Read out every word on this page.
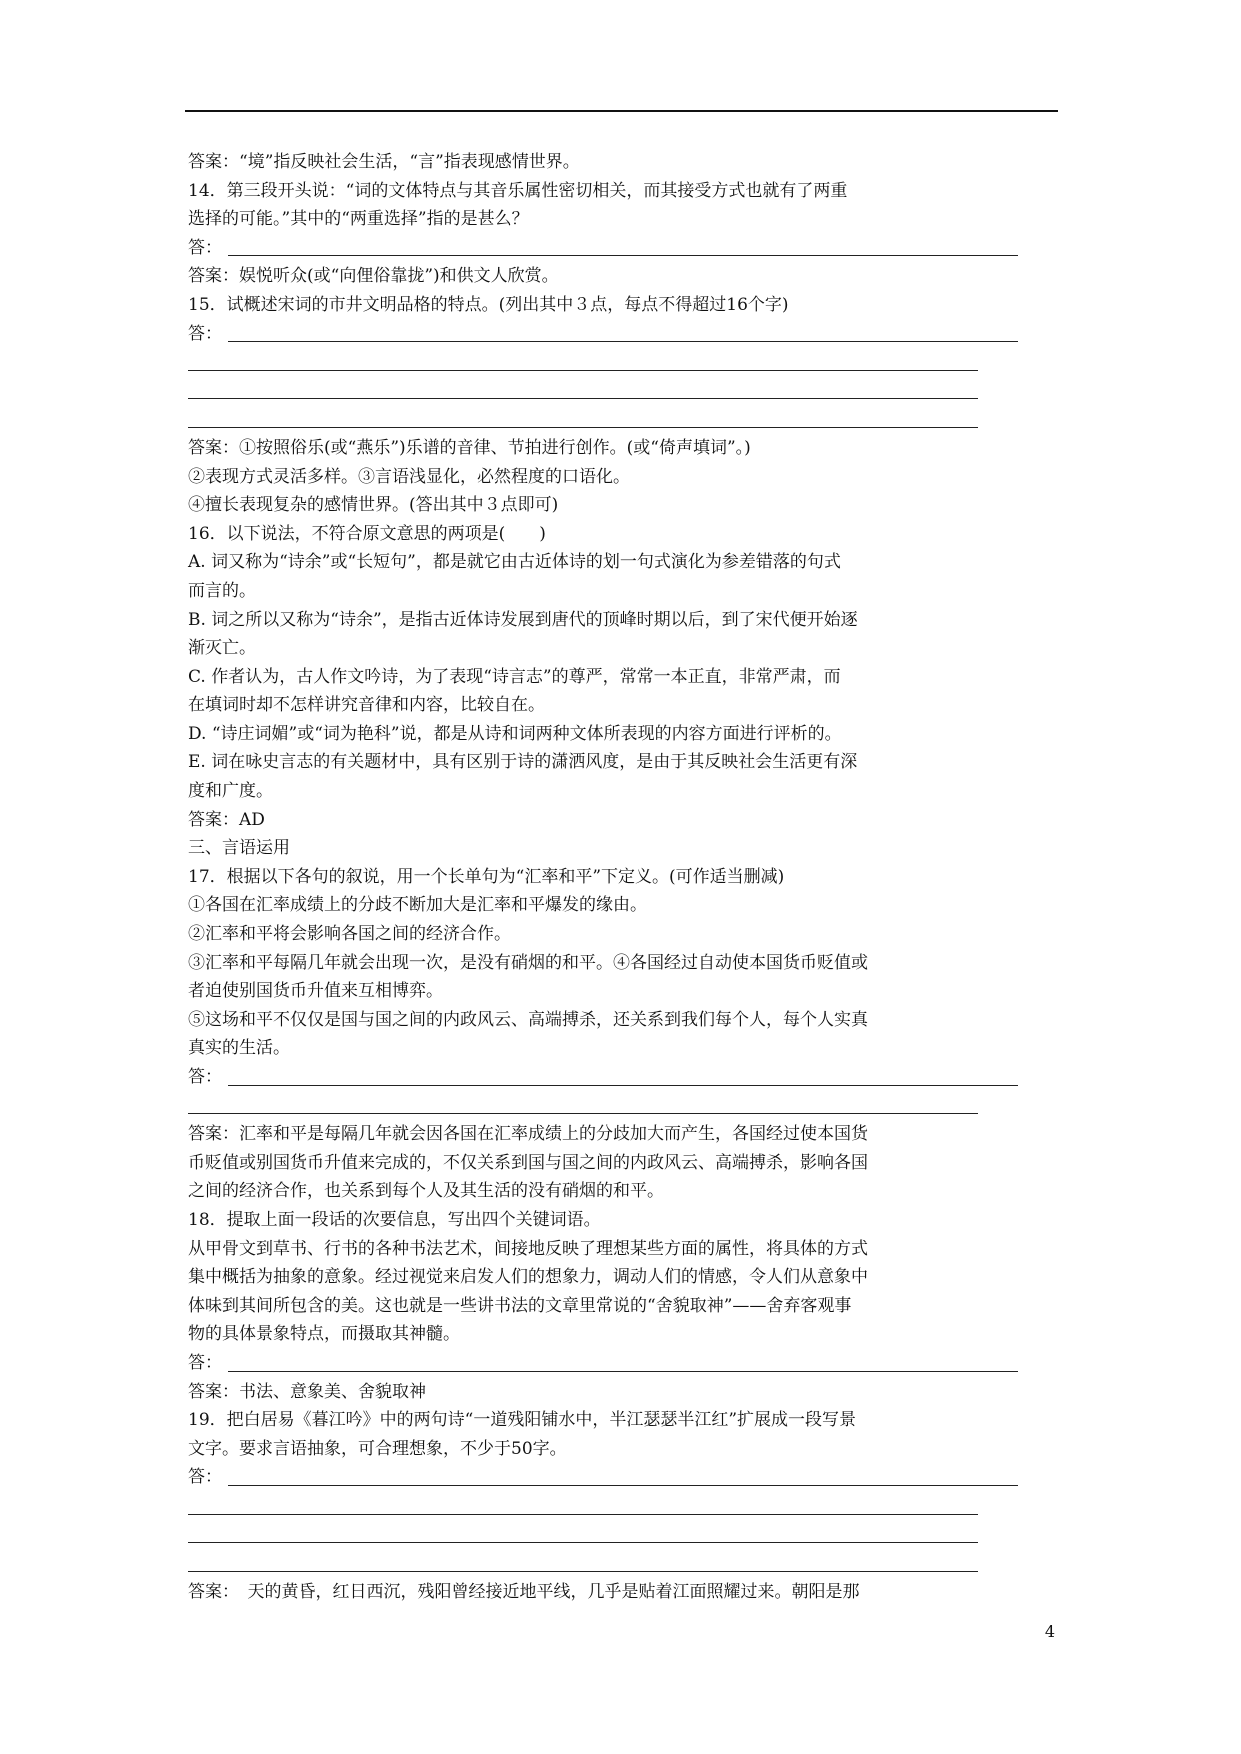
答案：“境”指反映社会生活，“言”指表现感情世界。
14．第三段开头说：“词的文体特点与其音乐属性密切相关，而其接受方式也就有了两重
选择的可能。”其中的“两重选择”指的是甚么？
答：
答案：娱悦听众(或“向俚俗靠拢”)和供文人欣赏。
15．试概述宋词的市井文明品格的特点。(列出其中３点，每点不得超过16个字)
答：
答案：①按照俗乐(或“燕乐”)乐谱的音律、节拍进行创作。(或“倚声填词”。)
②表现方式灵活多样。③言语浅显化，必然程度的口语化。
④擅长表现复杂的感情世界。(答出其中３点即可)
16．以下说法，不符合原文意思的两项是(　　)
A. 词又称为“诗余”或“长短句”，都是就它由古近体诗的划一句式演化为参差错落的句式
而言的。
B. 词之所以又称为“诗余”，是指古近体诗发展到唐代的顶峰时期以后，到了宋代便开始逐
渐灭亡。
C. 作者认为，古人作文吟诗，为了表现“诗言志”的尊严，常常一本正直，非常严肃，而
在填词时却不怎样讲究音律和内容，比较自在。
D. “诗庄词媚”或“词为艳科”说，都是从诗和词两种文体所表现的内容方面进行评析的。
E. 词在咏史言志的有关题材中，具有区别于诗的潇洒风度，是由于其反映社会生活更有深
度和广度。
答案：AD
三、言语运用
17．根据以下各句的叙说，用一个长单句为“汇率和平”下定义。(可作适当删减)
①各国在汇率成绩上的分歧不断加大是汇率和平爆发的缘由。
②汇率和平将会影响各国之间的经济合作。
③汇率和平每隔几年就会出现一次，是没有硝烟的和平。④各国经过自动使本国货币贬值或
者迫使别国货币升值来互相博弈。
⑤这场和平不仅仅是国与国之间的内政风云、高端搏杀，还关系到我们每个人，每个人实真
真实的生活。
答：
答案：汇率和平是每隔几年就会因各国在汇率成绩上的分歧加大而产生，各国经过使本国货
币贬值或别国货币升值来完成的，不仅关系到国与国之间的内政风云、高端搏杀，影响各国
之间的经济合作，也关系到每个人及其生活的没有硝烟的和平。
18．提取上面一段话的次要信息，写出四个关键词语。
从甲骨文到草书、行书的各种书法艺术，间接地反映了理想某些方面的属性，将具体的方式
集中概括为抽象的意象。经过视觉来启发人们的想象力，调动人们的情感，令人们从意象中
体味到其间所包含的美。这也就是一些讲书法的文章里常说的“舍貌取神”——舍弃客观事
物的具体景象特点，而摄取其神髓。
答：
答案：书法、意象美、舍貌取神
19．把白居易《暮江吟》中的两句诗“一道残阳铺水中，半江瑟瑟半江红”扩展成一段写景
文字。要求言语抽象，可合理想象，不少于50字。
答：
答案：　天的黄昏，红日西沉，残阳曾经接近地平线，几乎是贴着江面照耀过来。朝阳是那
4
